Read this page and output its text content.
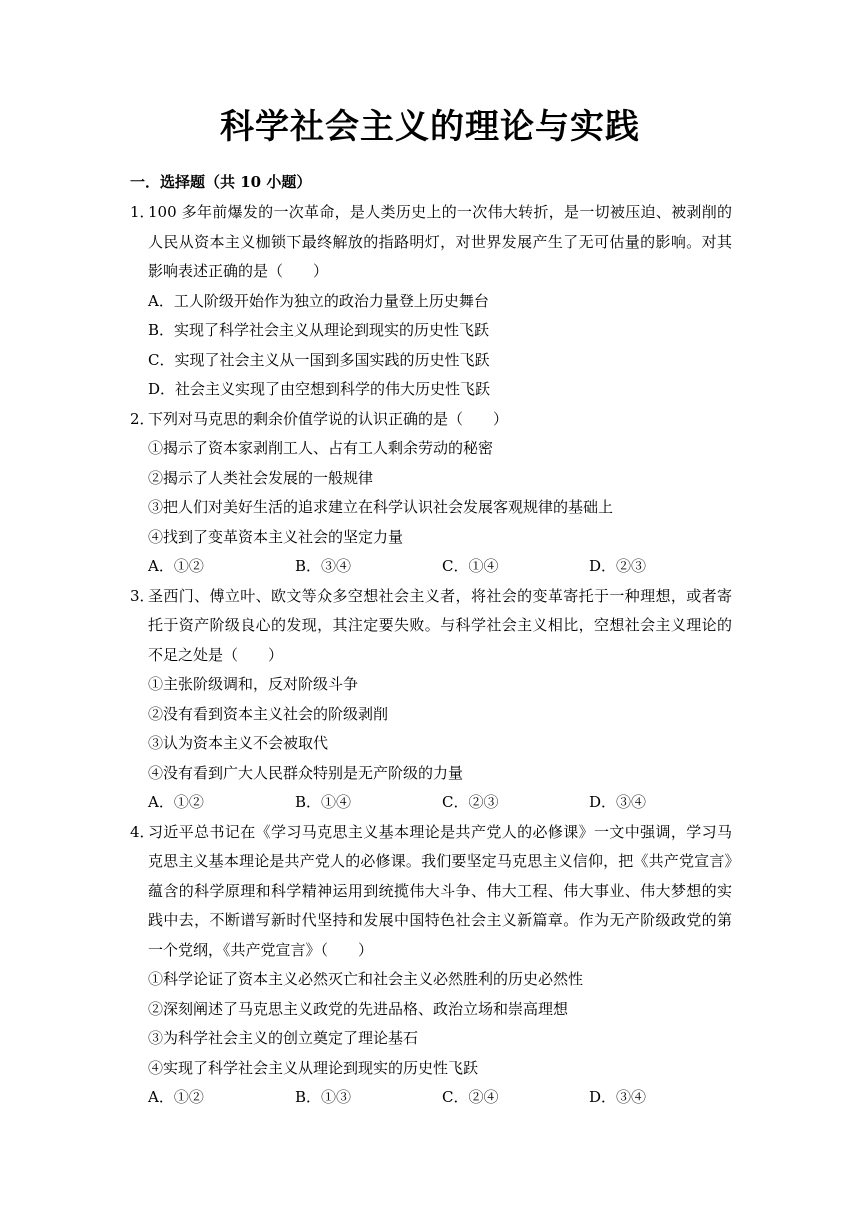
科学社会主义的理论与实践
一．选择题（共 10 小题）
1．
100 多年前爆发的一次革命，是人类历史上的一次伟大转折，是一切被压迫、被剥削的人民从资本主义枷锁下最终解放的指路明灯，对世界发展产生了无可估量的影响。对其影响表述正确的是（　　）
A．工人阶级开始作为独立的政治力量登上历史舞台
B．实现了科学社会主义从理论到现实的历史性飞跃
C．实现了社会主义从一国到多国实践的历史性飞跃
D．社会主义实现了由空想到科学的伟大历史性飞跃
2．
下列对马克思的剩余价值学说的认识正确的是（　　）
①揭示了资本家剥削工人、占有工人剩余劳动的秘密
②揭示了人类社会发展的一般规律
③把人们对美好生活的追求建立在科学认识社会发展客观规律的基础上
④找到了变革资本主义社会的坚定力量
A．①②	B．③④	C．①④	D．②③
3．
圣西门、傅立叶、欧文等众多空想社会主义者，将社会的变革寄托于一种理想，或者寄托于资产阶级良心的发现，其注定要失败。与科学社会主义相比，空想社会主义理论的不足之处是（　　）
①主张阶级调和，反对阶级斗争
②没有看到资本主义社会的阶级剥削
③认为资本主义不会被取代
④没有看到广大人民群众特别是无产阶级的力量
A．①②	B．①④	C．②③	D．③④
4．
习近平总书记在《学习马克思主义基本理论是共产党人的必修课》一文中强调，学习马克思主义基本理论是共产党人的必修课。我们要坚定马克思主义信仰，把《共产党宣言》蕴含的科学原理和科学精神运用到统揽伟大斗争、伟大工程、伟大事业、伟大梦想的实践中去，不断谱写新时代坚持和发展中国特色社会主义新篇章。作为无产阶级政党的第一个党纲，《共产党宣言》（　　）
①科学论证了资本主义必然灭亡和社会主义必然胜利的历史必然性
②深刻阐述了马克思主义政党的先进品格、政治立场和崇高理想
③为科学社会主义的创立奠定了理论基石
④实现了科学社会主义从理论到现实的历史性飞跃
A．①②	B．①③	C．②④	D．③④
